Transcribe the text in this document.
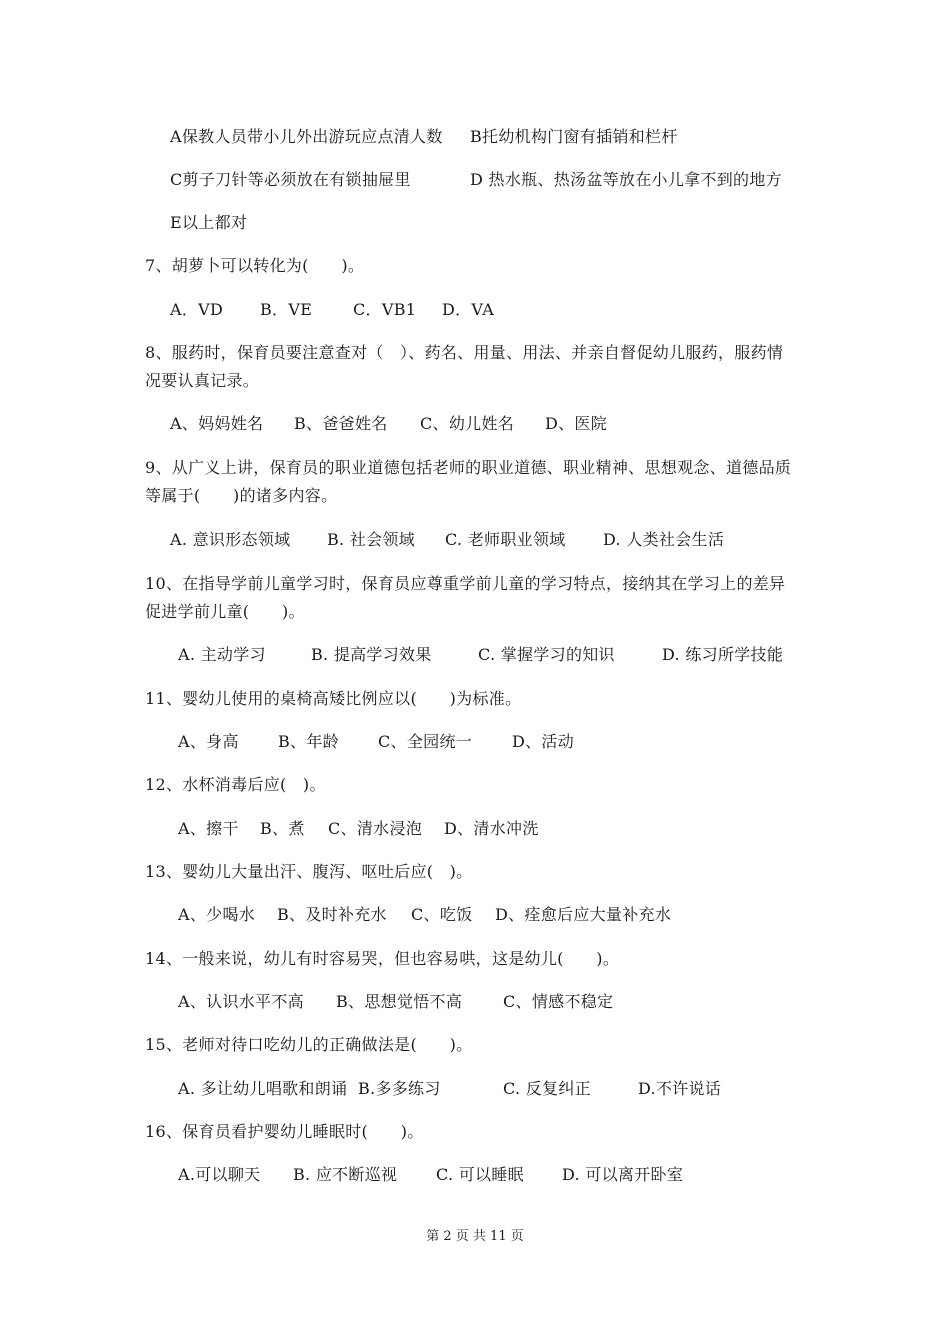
A保教人员带小儿外出游玩应点清人数 B托幼机构门窗有插销和栏杆
C剪子刀针等必须放在有锁抽屉里	D 热水瓶、热汤盆等放在小儿拿不到的地方
E以上都对
7、胡萝卜可以转化为(　　)。
A．VD B．VE	C．VB1 D．VA
8、服药时，保育员要注意查对（　）、药名、用量、用法、并亲自督促幼儿服药，服药情
况要认真记录。
A、妈妈姓名 B、爸爸姓名 C、幼儿姓名 D、医院
9、从广义上讲，保育员的职业道德包括老师的职业道德、职业精神、思想观念、道德品质
等属于(　　)的诸多内容。
A. 意识形态领域 B. 社会领域 C. 老师职业领域 D. 人类社会生活
10、在指导学前儿童学习时，保育员应尊重学前儿童的学习特点，接纳其在学习上的差异
促进学前儿童(　　)。
A. 主动学习	B. 提高学习效果	C. 掌握学习的知识	D. 练习所学技能
11、婴幼儿使用的桌椅高矮比例应以(　　)为标准。
A、身高 B、年龄 C、全园统一 D、活动
12、水杯消毒后应(　)。
A、擦干 B、煮 C、清水浸泡 D、清水冲洗
13、婴幼儿大量出汗、腹泻、呕吐后应(　)。
A、少喝水 B、及时补充水 C、吃饭 D、痊愈后应大量补充水
14、一般来说，幼儿有时容易哭，但也容易哄，这是幼儿(　　)。
A、认识水平不高 B、思想觉悟不高	C、情感不稳定
15、老师对待口吃幼儿的正确做法是(　　)。
A. 多让幼儿唱歌和朗诵 B.多多练习	C. 反复纠正	D.不许说话
16、保育员看护婴幼儿睡眠时(　　)。
A.可以聊天 B. 应不断巡视 C. 可以睡眠 D. 可以离开卧室
第 2 页 共 11 页
